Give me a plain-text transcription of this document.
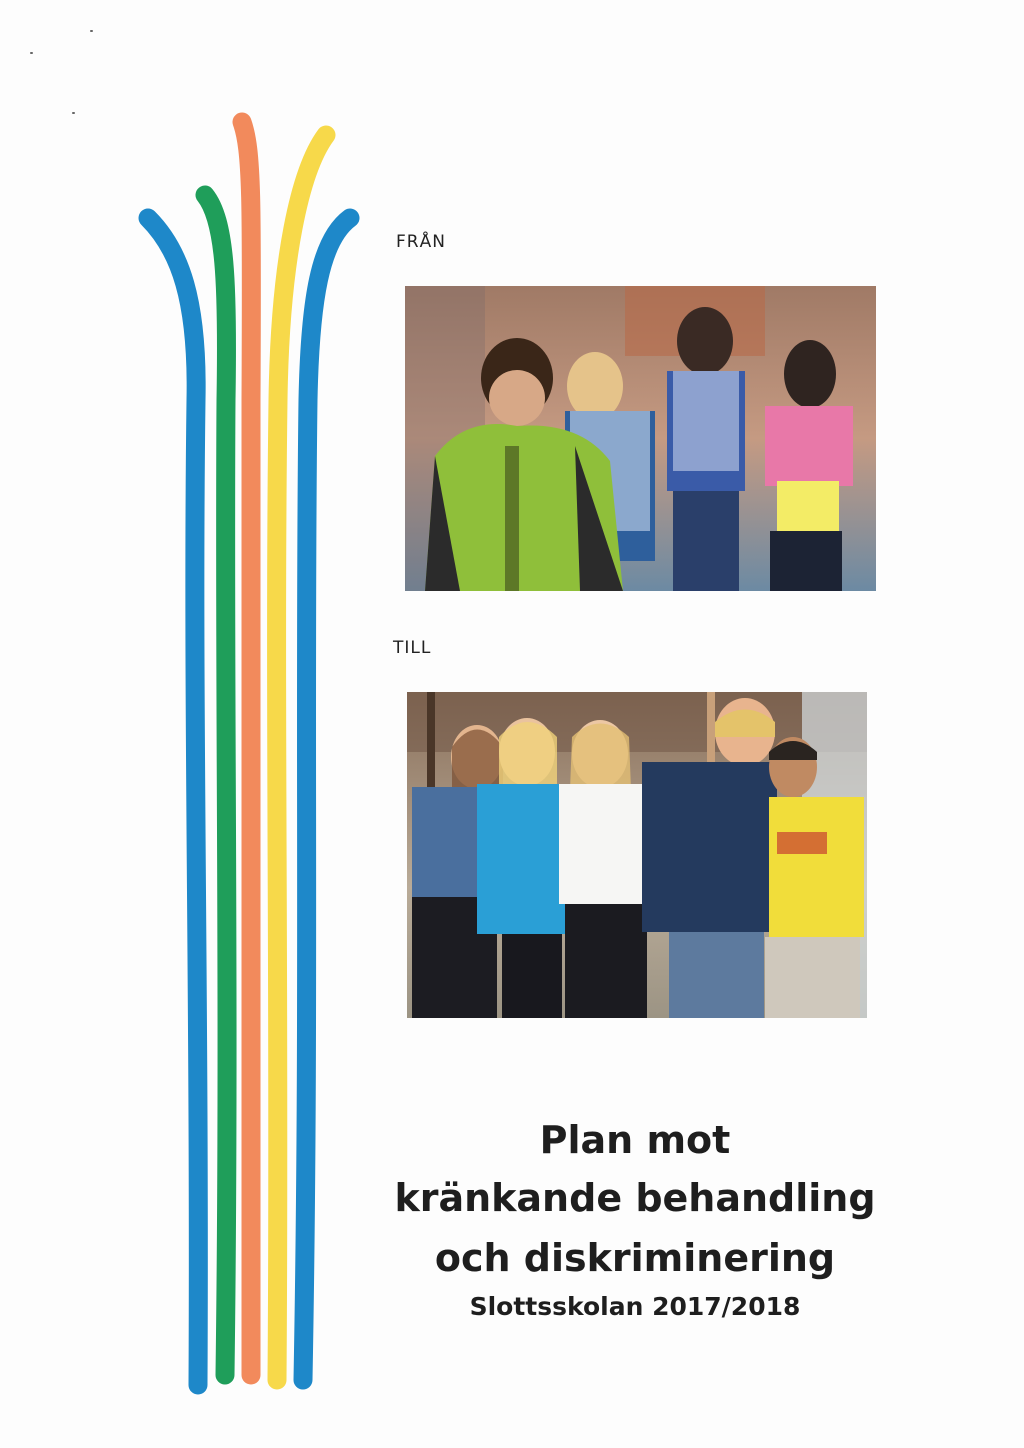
FRÅN
TILL
Plan mot
kränkande behandling
och diskriminering
Slottsskolan 2017/2018
